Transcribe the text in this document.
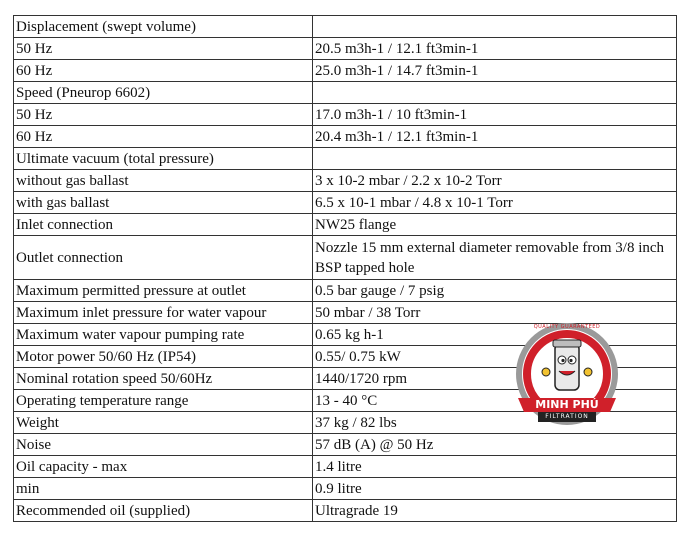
Displacement (swept volume)	
50 Hz	20.5 m3h-1 / 12.1 ft3min-1
60 Hz	25.0 m3h-1 / 14.7 ft3min-1
Speed (Pneurop 6602)	
50 Hz	17.0 m3h-1 / 10 ft3min-1
60 Hz	20.4 m3h-1 / 12.1 ft3min-1
Ultimate vacuum (total pressure)	
without gas ballast	3 x 10-2 mbar / 2.2 x 10-2 Torr
with gas ballast	6.5 x 10-1 mbar / 4.8 x 10-1 Torr
Inlet connection	NW25 flange
Outlet connection	Nozzle 15 mm external diameter removable from 3/8 inch BSP tapped hole
Maximum permitted pressure at outlet	0.5 bar gauge / 7 psig
Maximum inlet pressure for water vapour	50 mbar / 38 Torr
Maximum water vapour pumping rate	0.65 kg h-1
Motor power 50/60 Hz (IP54)	0.55/ 0.75 kW
Nominal rotation speed 50/60Hz	1440/1720 rpm
Operating temperature range	13 - 40 °C
Weight	37 kg / 82 lbs
Noise	57 dB (A) @ 50 Hz
Oil capacity - max	1.4 litre
min	0.9 litre
Recommended oil (supplied)	Ultragrade 19
MINH PHÚ
FILTRATION
QUALITY GUARANTEED
